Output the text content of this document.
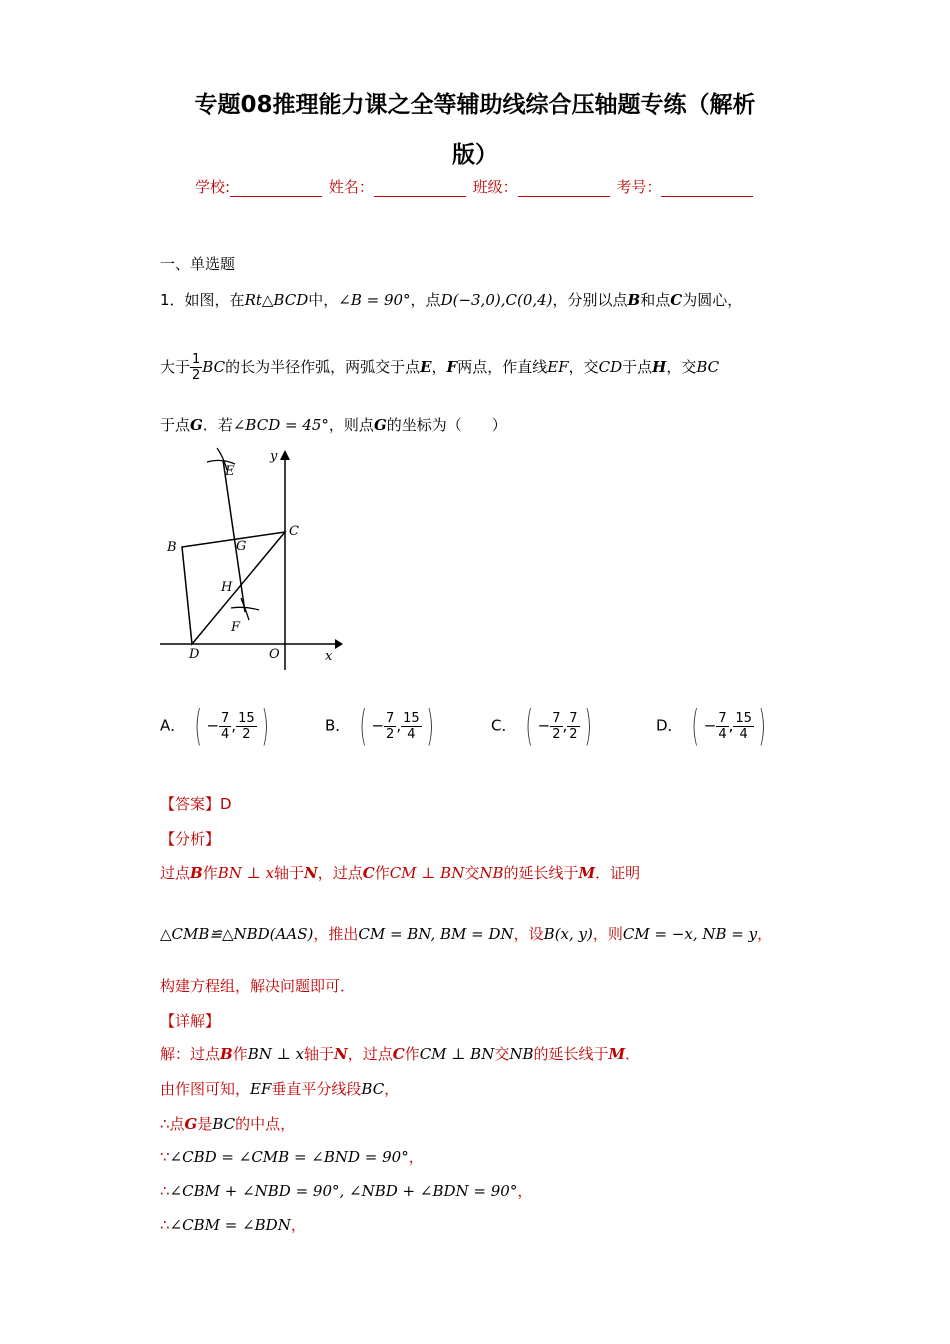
专题08推理能力课之全等辅助线综合压轴题专练（解析
版）
学校:	姓名：	班级：	考号：
一、单选题
1．如图，在Rt△BCD中，∠B = 90°，点D(−3,0),C(0,4)，分别以点B和点C为圆心，
大于 $\frac{1}{2}$ BC的长为半径作弧，两弧交于点E，F两点，作直线EF，交CD于点H，交BC
于点G．若∠BCD = 45°，则点G的坐标为（　　）
E
B	G
C
H
F
D	O	x
y
A． ( − $\frac{7}{4}$ , $\frac{15}{2}$ )	B． ( − $\frac{7}{2}$ , $\frac{15}{4}$ )	C． ( − $\frac{7}{2}$ , $\frac{7}{2}$ )	D． ( − $\frac{7}{4}$ , $\frac{15}{4}$ )
【答案】D
【分析】
过点B作BN ⊥ x轴于N，过点C作CM ⊥ BN交NB的延长线于M．证明
△CMB≌△NBD(AAS)，推出CM = BN, BM = DN，设B(x, y)，则CM = −x, NB = y，
构建方程组，解决问题即可．
【详解】
解：过点B作BN ⊥ x轴于N，过点C作CM ⊥ BN交NB的延长线于M．
由作图可知，EF垂直平分线段BC，
∴点G是BC的中点，
∵∠CBD = ∠CMB = ∠BND = 90°，
∴∠CBM + ∠NBD = 90°, ∠NBD + ∠BDN = 90°，
∴∠CBM = ∠BDN，
